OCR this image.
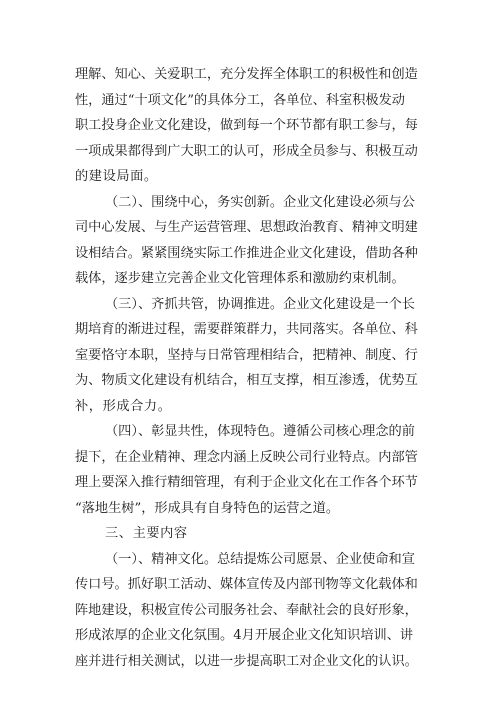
理解、知心、关爱职工，充分发挥全体职工的积极性和创造
性，通过“十项文化”的具体分工，各单位、科室积极发动
职工投身企业文化建设，做到每一个环节都有职工参与，每
一项成果都得到广大职工的认可，形成全员参与、积极互动
的建设局面。
（二）、围绕中心，务实创新。企业文化建设必须与公
司中心发展、与生产运营管理、思想政治教育、精神文明建
设相结合。紧紧围绕实际工作推进企业文化建设，借助各种
载体，逐步建立完善企业文化管理体系和激励约束机制。
（三）、齐抓共管，协调推进。企业文化建设是一个长
期培育的渐进过程，需要群策群力，共同落实。各单位、科
室要恪守本职，坚持与日常管理相结合，把精神、制度、行
为、物质文化建设有机结合，相互支撑，相互渗透，优势互
补，形成合力。
（四）、彰显共性，体现特色。遵循公司核心理念的前
提下，在企业精神、理念内涵上反映公司行业特点。内部管
理上要深入推行精细管理，有利于企业文化在工作各个环节
“落地生树”，形成具有自身特色的运营之道。
三、主要内容
（一）、精神文化。总结提炼公司愿景、企业使命和宣
传口号。抓好职工活动、媒体宣传及内部刊物等文化载体和
阵地建设，积极宣传公司服务社会、奉献社会的良好形象，
形成浓厚的企业文化氛围。4月开展企业文化知识培训、讲
座并进行相关测试，以进一步提高职工对企业文化的认识。
